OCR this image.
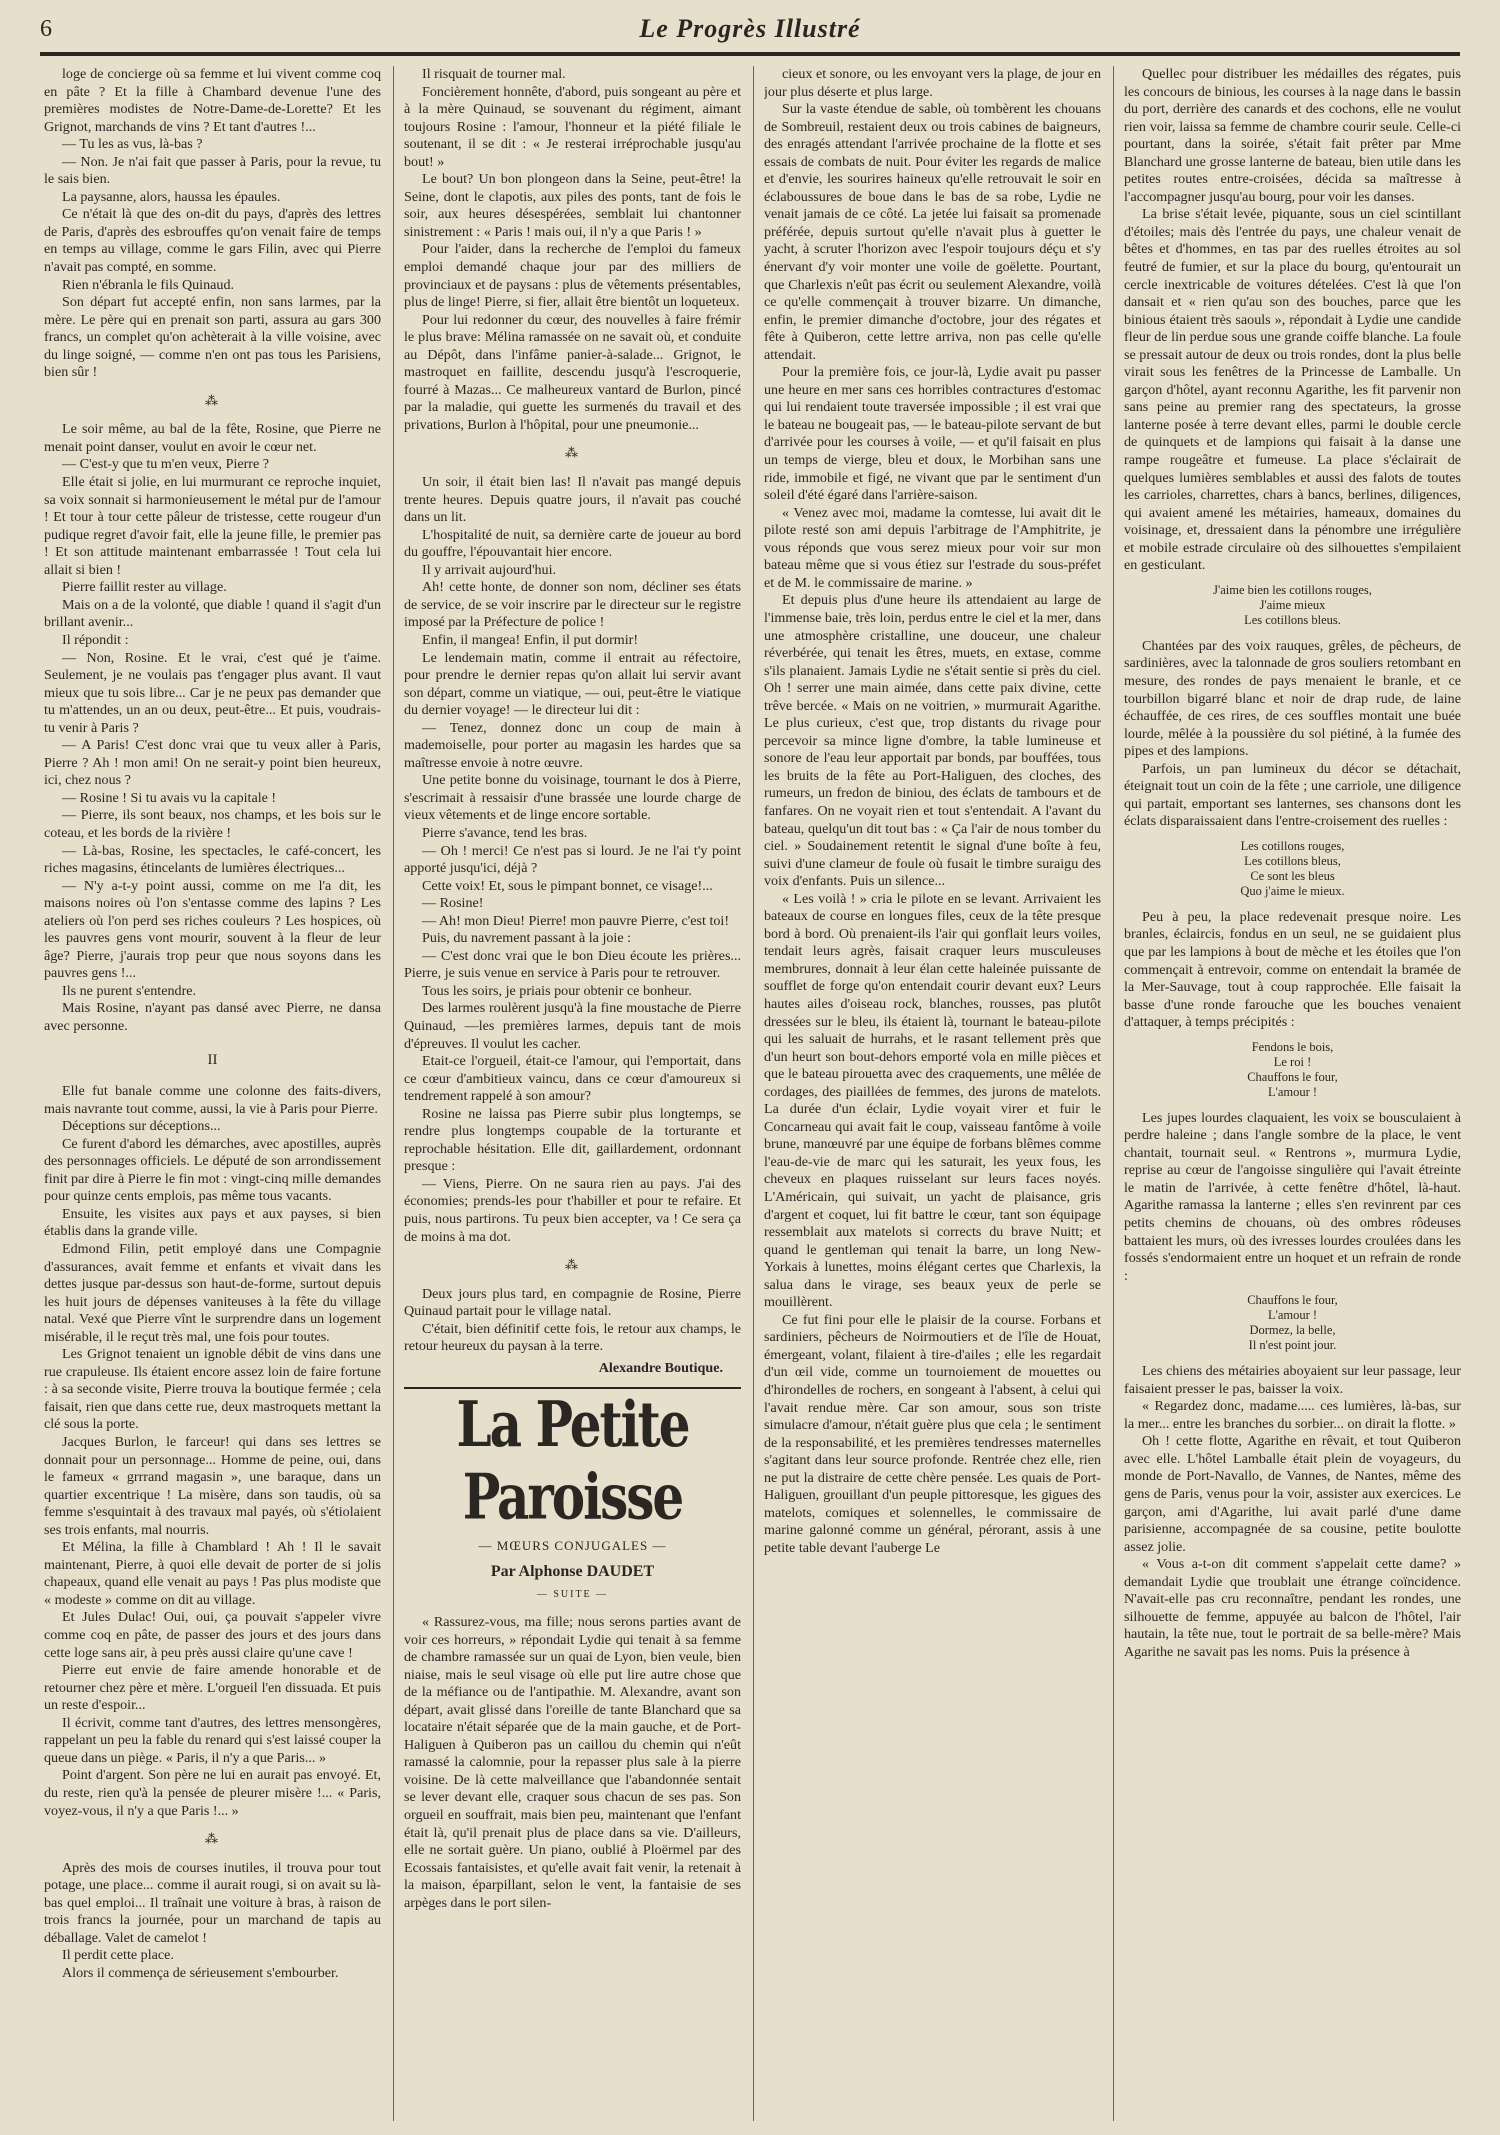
6	Le Progrès Illustré

loge de concierge où sa femme et lui vivent comme coq en pâte ? Et la fille à Chambard devenue l'une des premières modistes de Notre-Dame-de-Lorette? Et les Grignot, marchands de vins ? Et tant d'autres !...

— Tu les as vus, là-bas ?

— Non. Je n'ai fait que passer à Paris, pour la revue, tu le sais bien.

La paysanne, alors, haussa les épaules.

Ce n'était là que des on-dit du pays, d'après des lettres de Paris, d'après des esbrouffes qu'on venait faire de temps en temps au village, comme le gars Filin, avec qui Pierre n'avait pas compté, en somme.

Rien n'ébranla le fils Quinaud.

Son départ fut accepté enfin, non sans larmes, par la mère. Le père qui en prenait son parti, assura au gars 300 francs, un complet qu'on achèterait à la ville voisine, avec du linge soigné, — comme n'en ont pas tous les Parisiens, bien sûr !

⁂

Le soir même, au bal de la fête, Rosine, que Pierre ne menait point danser, voulut en avoir le cœur net.

— C'est-y que tu m'en veux, Pierre ?

Elle était si jolie, en lui murmurant ce reproche inquiet, sa voix sonnait si harmonieusement le métal pur de l'amour ! Et tour à tour cette pâleur de tristesse, cette rougeur d'un pudique regret d'avoir fait, elle la jeune fille, le premier pas ! Et son attitude maintenant embarrassée ! Tout cela lui allait si bien !

Pierre faillit rester au village.

Mais on a de la volonté, que diable ! quand il s'agit d'un brillant avenir...

Il répondit :

— Non, Rosine. Et le vrai, c'est qué je t'aime. Seulement, je ne voulais pas t'engager plus avant. Il vaut mieux que tu sois libre... Car je ne peux pas demander que tu m'attendes, un an ou deux, peut-être... Et puis, voudrais-tu venir à Paris ?

— A Paris! C'est donc vrai que tu veux aller à Paris, Pierre ? Ah ! mon ami! On ne serait-y point bien heureux, ici, chez nous ?

— Rosine ! Si tu avais vu la capitale !

— Pierre, ils sont beaux, nos champs, et les bois sur le coteau, et les bords de la rivière !

— Là-bas, Rosine, les spectacles, le café-concert, les riches magasins, étincelants de lumières électriques...

— N'y a-t-y point aussi, comme on me l'a dit, les maisons noires où l'on s'entasse comme des lapins ? Les ateliers où l'on perd ses riches couleurs ? Les hospices, où les pauvres gens vont mourir, souvent à la fleur de leur âge? Pierre, j'aurais trop peur que nous soyons dans les pauvres gens !...

Ils ne purent s'entendre.

Mais Rosine, n'ayant pas dansé avec Pierre, ne dansa avec personne.

II

Elle fut banale comme une colonne des faits-divers, mais navrante tout comme, aussi, la vie à Paris pour Pierre.

Déceptions sur déceptions...

Ce furent d'abord les démarches, avec apostilles, auprès des personnages officiels. Le député de son arrondissement finit par dire à Pierre le fin mot : vingt-cinq mille demandes pour quinze cents emplois, pas même tous vacants.

Ensuite, les visites aux pays et aux payses, si bien établis dans la grande ville.

Edmond Filin, petit employé dans une Compagnie d'assurances, avait femme et enfants et vivait dans les dettes jusque par-dessus son haut-de-forme, surtout depuis les huit jours de dépenses vaniteuses à la fête du village natal. Vexé que Pierre vînt le surprendre dans un logement misérable, il le reçut très mal, une fois pour toutes.

Les Grignot tenaient un ignoble débit de vins dans une rue crapuleuse. Ils étaient encore assez loin de faire fortune : à sa seconde visite, Pierre trouva la boutique fermée ; cela faisait, rien que dans cette rue, deux mastroquets mettant la clé sous la porte.

Jacques Burlon, le farceur! qui dans ses lettres se donnait pour un personnage... Homme de peine, oui, dans le fameux « grrrand magasin », une baraque, dans un quartier excentrique ! La misère, dans son taudis, où sa femme s'esquintait à des travaux mal payés, où s'étiolaient ses trois enfants, mal nourris.

Et Mélina, la fille à Chamblard ! Ah ! Il le savait maintenant, Pierre, à quoi elle devait de porter de si jolis chapeaux, quand elle venait au pays ! Pas plus modiste que « modeste » comme on dit au village.

Et Jules Dulac! Oui, oui, ça pouvait s'appeler vivre comme coq en pâte, de passer des jours et des jours dans cette loge sans air, à peu près aussi claire qu'une cave !

Pierre eut envie de faire amende honorable et de retourner chez père et mère. L'orgueil l'en dissuada. Et puis un reste d'espoir...

Il écrivit, comme tant d'autres, des lettres mensongères, rappelant un peu la fable du renard qui s'est laissé couper la queue dans un piège. « Paris, il n'y a que Paris... »

Point d'argent. Son père ne lui en aurait pas envoyé. Et, du reste, rien qu'à la pensée de pleurer misère !... « Paris, voyez-vous, il n'y a que Paris !... »

⁂

Après des mois de courses inutiles, il trouva pour tout potage, une place... comme il aurait rougi, si on avait su là-bas quel emploi... Il traînait une voiture à bras, à raison de trois francs la journée, pour un marchand de tapis au déballage. Valet de camelot !

Il perdit cette place.

Alors il commença de sérieusement s'embourber.

Il risquait de tourner mal.

Foncièrement honnête, d'abord, puis songeant au père et à la mère Quinaud, se souvenant du régiment, aimant toujours Rosine : l'amour, l'honneur et la piété filiale le soutenant, il se dit : « Je resterai irréprochable jusqu'au bout! »

Le bout? Un bon plongeon dans la Seine, peut-être! la Seine, dont le clapotis, aux piles des ponts, tant de fois le soir, aux heures désespérées, semblait lui chantonner sinistrement : « Paris ! mais oui, il n'y a que Paris ! »

Pour l'aider, dans la recherche de l'emploi du fameux emploi demandé chaque jour par des milliers de provinciaux et de paysans : plus de vêtements présentables, plus de linge! Pierre, si fier, allait être bientôt un loqueteux.

Pour lui redonner du cœur, des nouvelles à faire frémir le plus brave: Mélina ramassée on ne savait où, et conduite au Dépôt, dans l'infâme panier-à-salade... Grignot, le mastroquet en faillite, descendu jusqu'à l'escroquerie, fourré à Mazas... Ce malheureux vantard de Burlon, pincé par la maladie, qui guette les surmenés du travail et des privations, Burlon à l'hôpital, pour une pneumonie...

⁂

Un soir, il était bien las! Il n'avait pas mangé depuis trente heures. Depuis quatre jours, il n'avait pas couché dans un lit.

L'hospitalité de nuit, sa dernière carte de joueur au bord du gouffre, l'épouvantait hier encore.

Il y arrivait aujourd'hui.

Ah! cette honte, de donner son nom, décliner ses états de service, de se voir inscrire par le directeur sur le registre imposé par la Préfecture de police !

Enfin, il mangea! Enfin, il put dormir!

Le lendemain matin, comme il entrait au réfectoire, pour prendre le dernier repas qu'on allait lui servir avant son départ, comme un viatique, — oui, peut-être le viatique du dernier voyage! — le directeur lui dit :

— Tenez, donnez donc un coup de main à mademoiselle, pour porter au magasin les hardes que sa maîtresse envoie à notre œuvre.

Une petite bonne du voisinage, tournant le dos à Pierre, s'escrimait à ressaisir d'une brassée une lourde charge de vieux vêtements et de linge encore sortable.

Pierre s'avance, tend les bras.

— Oh ! merci! Ce n'est pas si lourd. Je ne l'ai t'y point apporté jusqu'ici, déjà ?

Cette voix! Et, sous le pimpant bonnet, ce visage!...

— Rosine!

— Ah! mon Dieu! Pierre! mon pauvre Pierre, c'est toi!

Puis, du navrement passant à la joie :

— C'est donc vrai que le bon Dieu écoute les prières... Pierre, je suis venue en service à Paris pour te retrouver.

Tous les soirs, je priais pour obtenir ce bonheur.

Des larmes roulèrent jusqu'à la fine moustache de Pierre Quinaud, —les premières larmes, depuis tant de mois d'épreuves. Il voulut les cacher.

Etait-ce l'orgueil, était-ce l'amour, qui l'emportait, dans ce cœur d'ambitieux vaincu, dans ce cœur d'amoureux si tendrement rappelé à son amour?

Rosine ne laissa pas Pierre subir plus longtemps, se rendre plus longtemps coupable de la torturante et reprochable hésitation. Elle dit, gaillardement, ordonnant presque :

— Viens, Pierre. On ne saura rien au pays. J'ai des économies; prends-les pour t'habiller et pour te refaire. Et puis, nous partirons. Tu peux bien accepter, va ! Ce sera ça de moins à ma dot.

⁂

Deux jours plus tard, en compagnie de Rosine, Pierre Quinaud partait pour le village natal.

C'était, bien définitif cette fois, le retour aux champs, le retour heureux du paysan à la terre.

Alexandre Boutique.
La Petite Paroisse
— MŒURS CONJUGALES —
Par Alphonse DAUDET
— SUITE —

« Rassurez-vous, ma fille; nous serons parties avant de voir ces horreurs, » répondait Lydie qui tenait à sa femme de chambre ramassée sur un quai de Lyon, bien veule, bien niaise, mais le seul visage où elle put lire autre chose que de la méfiance ou de l'antipathie. M. Alexandre, avant son départ, avait glissé dans l'oreille de tante Blanchard que sa locataire n'était séparée que de la main gauche, et de Port-Haliguen à Quiberon pas un caillou du chemin qui n'eût ramassé la calomnie, pour la repasser plus sale à la pierre voisine. De là cette malveillance que l'abandonnée sentait se lever devant elle, craquer sous chacun de ses pas. Son orgueil en souffrait, mais bien peu, maintenant que l'enfant était là, qu'il prenait plus de place dans sa vie. D'ailleurs, elle ne sortait guère. Un piano, oublié à Ploërmel par des Ecossais fantaisistes, et qu'elle avait fait venir, la retenait à la maison, éparpillant, selon le vent, la fantaisie de ses arpèges dans le port silen-

cieux et sonore, ou les envoyant vers la plage, de jour en jour plus déserte et plus large.

Sur la vaste étendue de sable, où tombèrent les chouans de Sombreuil, restaient deux ou trois cabines de baigneurs, des enragés attendant l'arrivée prochaine de la flotte et ses essais de combats de nuit. Pour éviter les regards de malice et d'envie, les sourires haineux qu'elle retrouvait le soir en éclaboussures de boue dans le bas de sa robe, Lydie ne venait jamais de ce côté. La jetée lui faisait sa promenade préférée, depuis surtout qu'elle n'avait plus à guetter le yacht, à scruter l'horizon avec l'espoir toujours déçu et s'y énervant d'y voir monter une voile de goëlette. Pourtant, que Charlexis n'eût pas écrit ou seulement Alexandre, voilà ce qu'elle commençait à trouver bizarre. Un dimanche, enfin, le premier dimanche d'octobre, jour des régates et fête à Quiberon, cette lettre arriva, non pas celle qu'elle attendait.

Pour la première fois, ce jour-là, Lydie avait pu passer une heure en mer sans ces horribles contractures d'estomac qui lui rendaient toute traversée impossible ; il est vrai que le bateau ne bougeait pas, — le bateau-pilote servant de but d'arrivée pour les courses à voile, — et qu'il faisait en plus un temps de vierge, bleu et doux, le Morbihan sans une ride, immobile et figé, ne vivant que par le sentiment d'un soleil d'été égaré dans l'arrière-saison.

« Venez avec moi, madame la comtesse, lui avait dit le pilote resté son ami depuis l'arbitrage de l'Amphitrite, je vous réponds que vous serez mieux pour voir sur mon bateau même que si vous étiez sur l'estrade du sous-préfet et de M. le commissaire de marine. »

Et depuis plus d'une heure ils attendaient au large de l'immense baie, très loin, perdus entre le ciel et la mer, dans une atmosphère cristalline, une douceur, une chaleur réverbérée, qui tenait les êtres, muets, en extase, comme s'ils planaient. Jamais Lydie ne s'était sentie si près du ciel. Oh ! serrer une main aimée, dans cette paix divine, cette trêve bercée. « Mais on ne voitrien, » murmurait Agarithe. Le plus curieux, c'est que, trop distants du rivage pour percevoir sa mince ligne d'ombre, la table lumineuse et sonore de l'eau leur apportait par bonds, par bouffées, tous les bruits de la fête au Port-Haliguen, des cloches, des rumeurs, un fredon de biniou, des éclats de tambours et de fanfares. On ne voyait rien et tout s'entendait. A l'avant du bateau, quelqu'un dit tout bas : « Ça l'air de nous tomber du ciel. » Soudainement retentit le signal d'une boîte à feu, suivi d'une clameur de foule où fusait le timbre suraigu des voix d'enfants. Puis un silence...

« Les voilà ! » cria le pilote en se levant. Arrivaient les bateaux de course en longues files, ceux de la tête presque bord à bord. Où prenaient-ils l'air qui gonflait leurs voiles, tendait leurs agrès, faisait craquer leurs musculeuses membrures, donnait à leur élan cette haleinée puissante de soufflet de forge qu'on entendait courir devant eux? Leurs hautes ailes d'oiseau rock, blanches, rousses, pas plutôt dressées sur le bleu, ils étaient là, tournant le bateau-pilote qui les saluait de hurrahs, et le rasant tellement près que d'un heurt son bout-dehors emporté vola en mille pièces et que le bateau pirouetta avec des craquements, une mêlée de cordages, des piaillées de femmes, des jurons de matelots. La durée d'un éclair, Lydie voyait virer et fuir le Concarneau qui avait fait le coup, vaisseau fantôme à voile brune, manœuvré par une équipe de forbans blêmes comme l'eau-de-vie de marc qui les saturait, les yeux fous, les cheveux en plaques ruisselant sur leurs faces noyés. L'Américain, qui suivait, un yacht de plaisance, gris d'argent et coquet, lui fit battre le cœur, tant son équipage ressemblait aux matelots si corrects du brave Nuitt; et quand le gentleman qui tenait la barre, un long New-Yorkais à lunettes, moins élégant certes que Charlexis, la salua dans le virage, ses beaux yeux de perle se mouillèrent.

Ce fut fini pour elle le plaisir de la course. Forbans et sardiniers, pêcheurs de Noirmoutiers et de l'île de Houat, émergeant, volant, filaient à tire-d'ailes ; elle les regardait d'un œil vide, comme un tournoiement de mouettes ou d'hirondelles de rochers, en songeant à l'absent, à celui qui l'avait rendue mère. Car son amour, sous son triste simulacre d'amour, n'était guère plus que cela ; le sentiment de la responsabilité, et les premières tendresses maternelles s'agitant dans leur source profonde. Rentrée chez elle, rien ne put la distraire de cette chère pensée. Les quais de Port-Haliguen, grouillant d'un peuple pittoresque, les gigues des matelots, comiques et solennelles, le commissaire de marine galonné comme un général, pérorant, assis à une petite table devant l'auberge Le

Quellec pour distribuer les médailles des régates, puis les concours de binious, les courses à la nage dans le bassin du port, derrière des canards et des cochons, elle ne voulut rien voir, laissa sa femme de chambre courir seule. Celle-ci pourtant, dans la soirée, s'était fait prêter par Mme Blanchard une grosse lanterne de bateau, bien utile dans les petites routes entre-croisées, décida sa maîtresse à l'accompagner jusqu'au bourg, pour voir les danses.

La brise s'était levée, piquante, sous un ciel scintillant d'étoiles; mais dès l'entrée du pays, une chaleur venait de bêtes et d'hommes, en tas par des ruelles étroites au sol feutré de fumier, et sur la place du bourg, qu'entourait un cercle inextricable de voitures dételées. C'est là que l'on dansait et « rien qu'au son des bouches, parce que les binious étaient très saouls », répondait à Lydie une candide fleur de lin perdue sous une grande coiffe blanche. La foule se pressait autour de deux ou trois rondes, dont la plus belle virait sous les fenêtres de la Princesse de Lamballe. Un garçon d'hôtel, ayant reconnu Agarithe, les fit parvenir non sans peine au premier rang des spectateurs, la grosse lanterne posée à terre devant elles, parmi le double cercle de quinquets et de lampions qui faisait à la danse une rampe rougeâtre et fumeuse. La place s'éclairait de quelques lumières semblables et aussi des falots de toutes les carrioles, charrettes, chars à bancs, berlines, diligences, qui avaient amené les métairies, hameaux, domaines du voisinage, et, dressaient dans la pénombre une irrégulière et mobile estrade circulaire où des silhouettes s'empilaient en gesticulant.

J'aime bien les cotillons rouges,
J'aime mieux
Les cotillons bleus.

Chantées par des voix rauques, grêles, de pêcheurs, de sardinières, avec la talonnade de gros souliers retombant en mesure, des rondes de pays menaient le branle, et ce tourbillon bigarré blanc et noir de drap rude, de laine échauffée, de ces rires, de ces souffles montait une buée lourde, mêlée à la poussière du sol piétiné, à la fumée des pipes et des lampions.

Parfois, un pan lumineux du décor se détachait, éteignait tout un coin de la fête ; une carriole, une diligence qui partait, emportant ses lanternes, ses chansons dont les éclats disparaissaient dans l'entre-croisement des ruelles :

Les cotillons rouges,
Les cotillons bleus,
Ce sont les bleus
Quo j'aime le mieux.

Peu à peu, la place redevenait presque noire. Les branles, éclaircis, fondus en un seul, ne se guidaient plus que par les lampions à bout de mèche et les étoiles que l'on commençait à entrevoir, comme on entendait la bramée de la Mer-Sauvage, tout à coup rapprochée. Elle faisait la basse d'une ronde farouche que les bouches venaient d'attaquer, à temps précipités :

Fendons le bois,
Le roi !
Chauffons le four,
L'amour !

Les jupes lourdes claquaient, les voix se bousculaient à perdre haleine ; dans l'angle sombre de la place, le vent chantait, tournait seul. « Rentrons », murmura Lydie, reprise au cœur de l'angoisse singulière qui l'avait étreinte le matin de l'arrivée, à cette fenêtre d'hôtel, là-haut. Agarithe ramassa la lanterne ; elles s'en revinrent par ces petits chemins de chouans, où des ombres rôdeuses battaient les murs, où des ivresses lourdes croulées dans les fossés s'endormaient entre un hoquet et un refrain de ronde :

Chauffons le four,
L'amour !
Dormez, la belle,
Il n'est point jour.

Les chiens des métairies aboyaient sur leur passage, leur faisaient presser le pas, baisser la voix.

« Regardez donc, madame..... ces lumières, là-bas, sur la mer... entre les branches du sorbier... on dirait la flotte. »

Oh ! cette flotte, Agarithe en rêvait, et tout Quiberon avec elle. L'hôtel Lamballe était plein de voyageurs, du monde de Port-Navallo, de Vannes, de Nantes, même des gens de Paris, venus pour la voir, assister aux exercices. Le garçon, ami d'Agarithe, lui avait parlé d'une dame parisienne, accompagnée de sa cousine, petite boulotte assez jolie.

« Vous a-t-on dit comment s'appelait cette dame? » demandait Lydie que troublait une étrange coïncidence. N'avait-elle pas cru reconnaître, pendant les rondes, une silhouette de femme, appuyée au balcon de l'hôtel, l'air hautain, la tête nue, tout le portrait de sa belle-mère? Mais Agarithe ne savait pas les noms. Puis la présence à
